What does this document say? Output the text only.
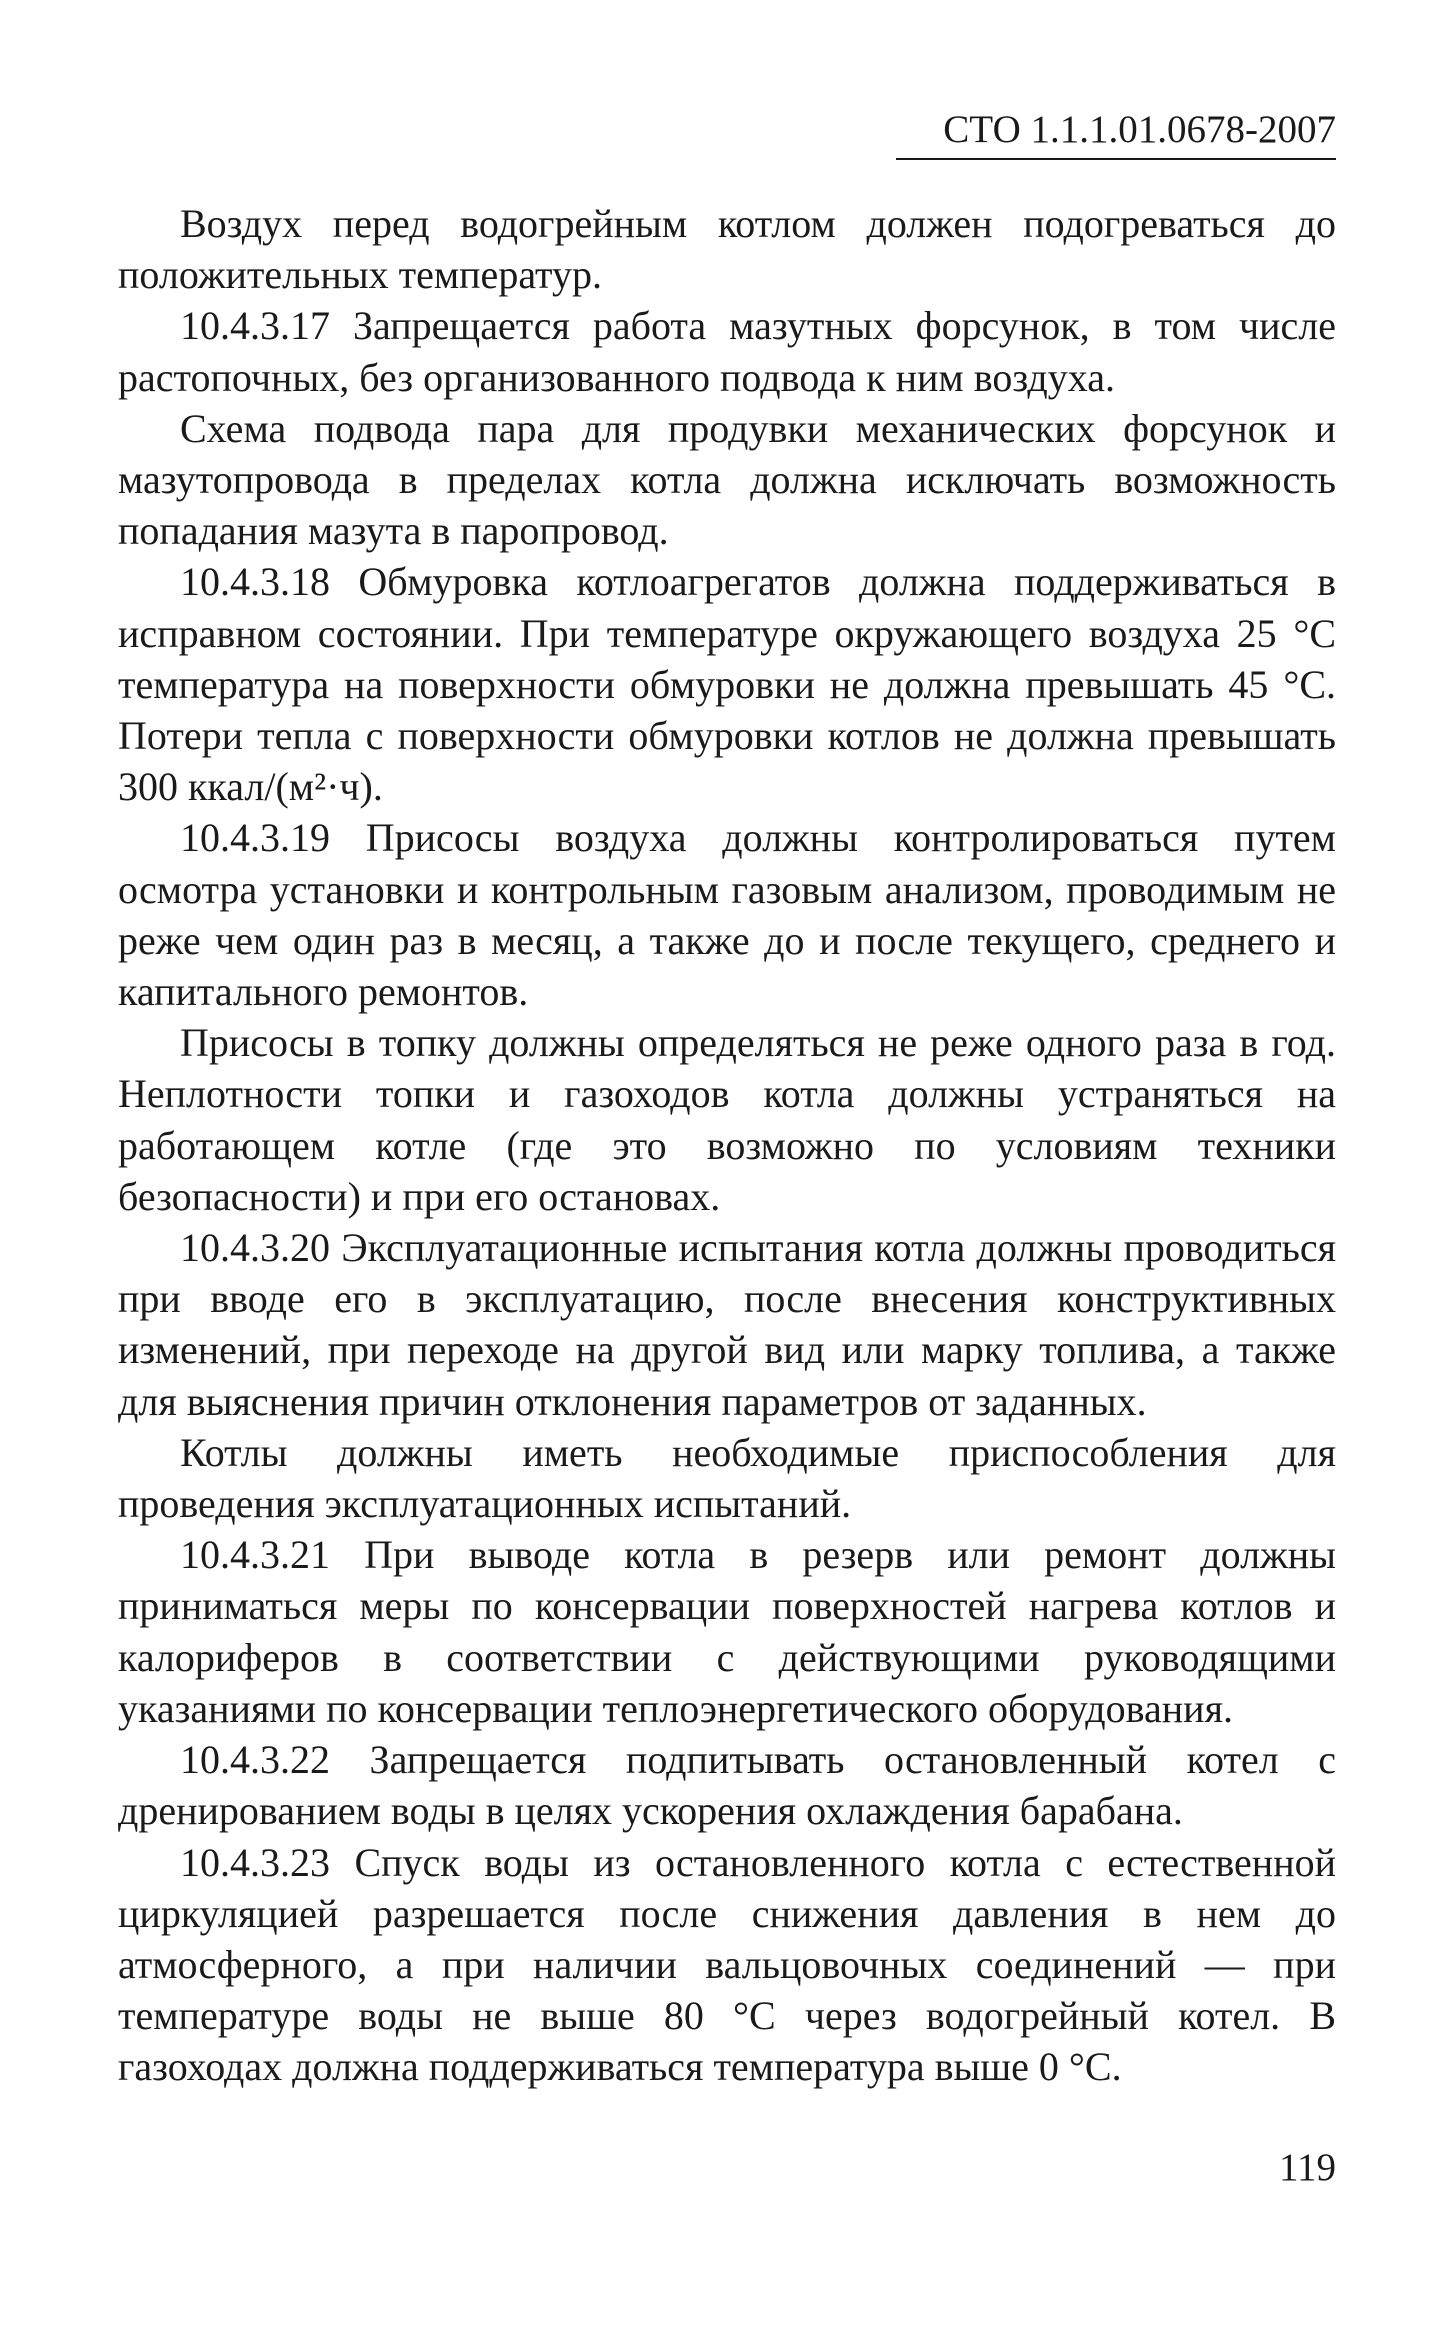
СТО 1.1.1.01.0678-2007

Воздух перед водогрейным котлом должен подогреваться до положительных температур.

10.4.3.17 Запрещается работа мазутных форсунок, в том числе растопочных, без организованного подвода к ним воздуха.

Схема подвода пара для продувки механических форсунок и мазутопровода в пределах котла должна исключать возможность попадания мазута в паропровод.

10.4.3.18 Обмуровка котлоагрегатов должна поддерживаться в исправном состоянии. При температуре окружающего воздуха 25 °С температура на поверхности обмуровки не должна превышать 45 °С. Потери тепла с поверхности обмуровки котлов не должна превышать 300 ккал/(м²·ч).

10.4.3.19 Присосы воздуха должны контролироваться путем осмотра установки и контрольным газовым анализом, проводимым не реже чем один раз в месяц, а также до и после текущего, среднего и капитального ремонтов.

Присосы в топку должны определяться не реже одного раза в год. Неплотности топки и газоходов котла должны устраняться на работающем котле (где это возможно по условиям техники безопасности) и при его остановах.

10.4.3.20 Эксплуатационные испытания котла должны проводиться при вводе его в эксплуатацию, после внесения конструктивных изменений, при переходе на другой вид или марку топлива, а также для выяснения причин отклонения параметров от заданных.

Котлы должны иметь необходимые приспособления для проведения эксплуатационных испытаний.

10.4.3.21 При выводе котла в резерв или ремонт должны приниматься меры по консервации поверхностей нагрева котлов и калориферов в соответствии с действующими руководящими указаниями по консервации теплоэнергетического оборудования.

10.4.3.22 Запрещается подпитывать остановленный котел с дренированием воды в целях ускорения охлаждения барабана.

10.4.3.23 Спуск воды из остановленного котла с естественной циркуляцией разрешается после снижения давления в нем до атмосферного, а при наличии вальцовочных соединений — при температуре воды не выше 80 °С через водогрейный котел. В газоходах должна поддерживаться температура выше 0 °С.

119
